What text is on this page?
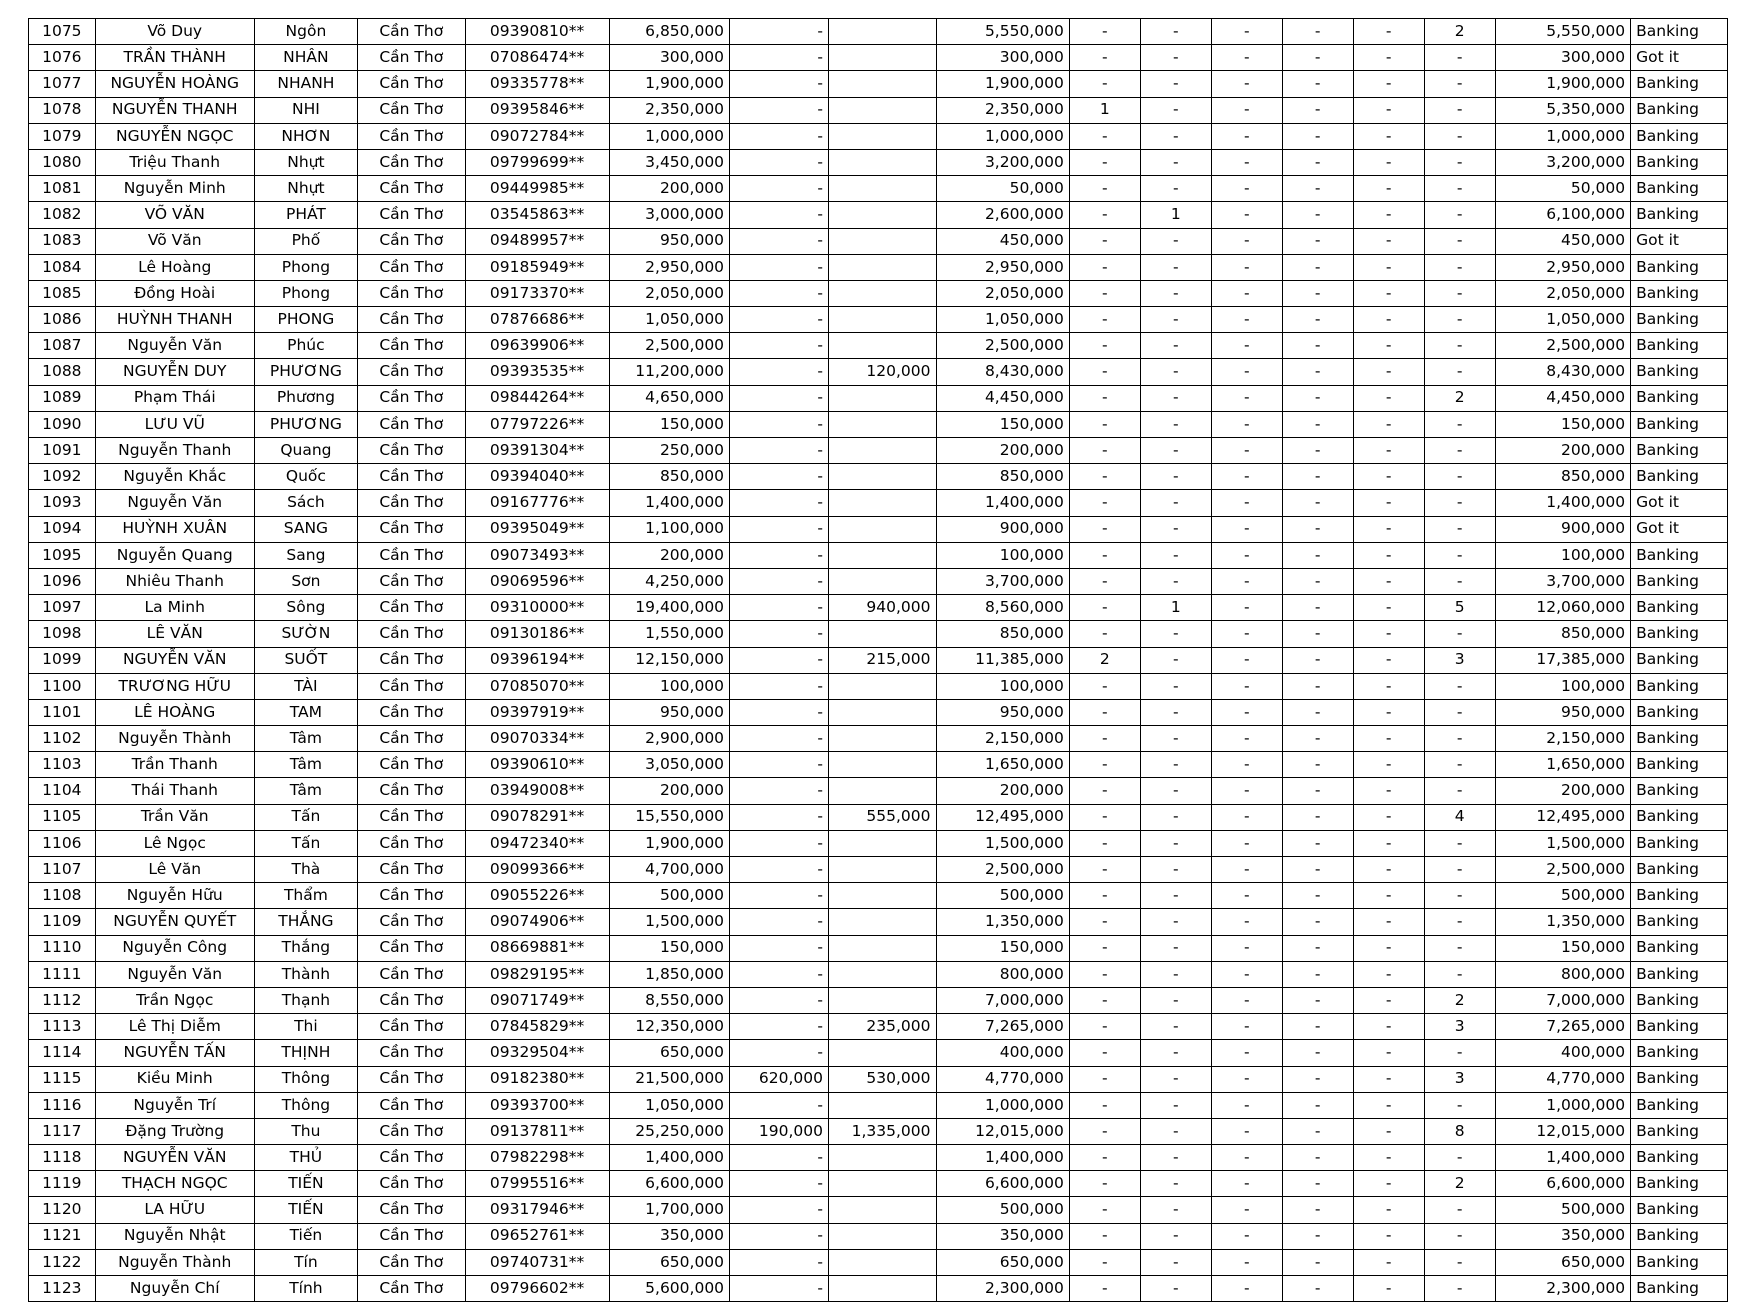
1075	Võ Duy	Ngôn	Cần Thơ	09390810**	6,850,000	-		5,550,000	-	-	-	-	-	2	5,550,000	Banking
1076	TRẦN THÀNH	NHÂN	Cần Thơ	07086474**	300,000	-		300,000	-	-	-	-	-	-	300,000	Got it
1077	NGUYỄN HOÀNG	NHANH	Cần Thơ	09335778**	1,900,000	-		1,900,000	-	-	-	-	-	-	1,900,000	Banking
1078	NGUYỄN THANH	NHI	Cần Thơ	09395846**	2,350,000	-		2,350,000	1	-	-	-	-	-	5,350,000	Banking
1079	NGUYỄN NGỌC	NHƠN	Cần Thơ	09072784**	1,000,000	-		1,000,000	-	-	-	-	-	-	1,000,000	Banking
1080	Triệu Thanh	Nhựt	Cần Thơ	09799699**	3,450,000	-		3,200,000	-	-	-	-	-	-	3,200,000	Banking
1081	Nguyễn Minh	Nhựt	Cần Thơ	09449985**	200,000	-		50,000	-	-	-	-	-	-	50,000	Banking
1082	VÕ VĂN	PHÁT	Cần Thơ	03545863**	3,000,000	-		2,600,000	-	1	-	-	-	-	6,100,000	Banking
1083	Võ Văn	Phố	Cần Thơ	09489957**	950,000	-		450,000	-	-	-	-	-	-	450,000	Got it
1084	Lê Hoàng	Phong	Cần Thơ	09185949**	2,950,000	-		2,950,000	-	-	-	-	-	-	2,950,000	Banking
1085	Đồng Hoài	Phong	Cần Thơ	09173370**	2,050,000	-		2,050,000	-	-	-	-	-	-	2,050,000	Banking
1086	HUỲNH THANH	PHONG	Cần Thơ	07876686**	1,050,000	-		1,050,000	-	-	-	-	-	-	1,050,000	Banking
1087	Nguyễn Văn	Phúc	Cần Thơ	09639906**	2,500,000	-		2,500,000	-	-	-	-	-	-	2,500,000	Banking
1088	NGUYỄN DUY	PHƯƠNG	Cần Thơ	09393535**	11,200,000	-	120,000	8,430,000	-	-	-	-	-	-	8,430,000	Banking
1089	Phạm Thái	Phương	Cần Thơ	09844264**	4,650,000	-		4,450,000	-	-	-	-	-	2	4,450,000	Banking
1090	LƯU VŨ	PHƯƠNG	Cần Thơ	07797226**	150,000	-		150,000	-	-	-	-	-	-	150,000	Banking
1091	Nguyễn Thanh	Quang	Cần Thơ	09391304**	250,000	-		200,000	-	-	-	-	-	-	200,000	Banking
1092	Nguyễn Khắc	Quốc	Cần Thơ	09394040**	850,000	-		850,000	-	-	-	-	-	-	850,000	Banking
1093	Nguyễn Văn	Sách	Cần Thơ	09167776**	1,400,000	-		1,400,000	-	-	-	-	-	-	1,400,000	Got it
1094	HUỲNH XUÂN	SANG	Cần Thơ	09395049**	1,100,000	-		900,000	-	-	-	-	-	-	900,000	Got it
1095	Nguyễn Quang	Sang	Cần Thơ	09073493**	200,000	-		100,000	-	-	-	-	-	-	100,000	Banking
1096	Nhiêu Thanh	Sơn	Cần Thơ	09069596**	4,250,000	-		3,700,000	-	-	-	-	-	-	3,700,000	Banking
1097	La Minh	Sông	Cần Thơ	09310000**	19,400,000	-	940,000	8,560,000	-	1	-	-	-	5	12,060,000	Banking
1098	LÊ VĂN	SƯỜN	Cần Thơ	09130186**	1,550,000	-		850,000	-	-	-	-	-	-	850,000	Banking
1099	NGUYỄN VĂN	SUỐT	Cần Thơ	09396194**	12,150,000	-	215,000	11,385,000	2	-	-	-	-	3	17,385,000	Banking
1100	TRƯƠNG HỮU	TÀI	Cần Thơ	07085070**	100,000	-		100,000	-	-	-	-	-	-	100,000	Banking
1101	LÊ HOÀNG	TAM	Cần Thơ	09397919**	950,000	-		950,000	-	-	-	-	-	-	950,000	Banking
1102	Nguyễn Thành	Tâm	Cần Thơ	09070334**	2,900,000	-		2,150,000	-	-	-	-	-	-	2,150,000	Banking
1103	Trần Thanh	Tâm	Cần Thơ	09390610**	3,050,000	-		1,650,000	-	-	-	-	-	-	1,650,000	Banking
1104	Thái Thanh	Tâm	Cần Thơ	03949008**	200,000	-		200,000	-	-	-	-	-	-	200,000	Banking
1105	Trần Văn	Tấn	Cần Thơ	09078291**	15,550,000	-	555,000	12,495,000	-	-	-	-	-	4	12,495,000	Banking
1106	Lê Ngọc	Tấn	Cần Thơ	09472340**	1,900,000	-		1,500,000	-	-	-	-	-	-	1,500,000	Banking
1107	Lê Văn	Thà	Cần Thơ	09099366**	4,700,000	-		2,500,000	-	-	-	-	-	-	2,500,000	Banking
1108	Nguyễn Hữu	Thẩm	Cần Thơ	09055226**	500,000	-		500,000	-	-	-	-	-	-	500,000	Banking
1109	NGUYỄN QUYẾT	THẮNG	Cần Thơ	09074906**	1,500,000	-		1,350,000	-	-	-	-	-	-	1,350,000	Banking
1110	Nguyễn Công	Thắng	Cần Thơ	08669881**	150,000	-		150,000	-	-	-	-	-	-	150,000	Banking
1111	Nguyễn Văn	Thành	Cần Thơ	09829195**	1,850,000	-		800,000	-	-	-	-	-	-	800,000	Banking
1112	Trần Ngọc	Thạnh	Cần Thơ	09071749**	8,550,000	-		7,000,000	-	-	-	-	-	2	7,000,000	Banking
1113	Lê Thị Diễm	Thi	Cần Thơ	07845829**	12,350,000	-	235,000	7,265,000	-	-	-	-	-	3	7,265,000	Banking
1114	NGUYỄN TẤN	THỊNH	Cần Thơ	09329504**	650,000	-		400,000	-	-	-	-	-	-	400,000	Banking
1115	Kiều Minh	Thông	Cần Thơ	09182380**	21,500,000	620,000	530,000	4,770,000	-	-	-	-	-	3	4,770,000	Banking
1116	Nguyễn Trí	Thông	Cần Thơ	09393700**	1,050,000	-		1,000,000	-	-	-	-	-	-	1,000,000	Banking
1117	Đặng Trường	Thu	Cần Thơ	09137811**	25,250,000	190,000	1,335,000	12,015,000	-	-	-	-	-	8	12,015,000	Banking
1118	NGUYỄN VĂN	THỦ	Cần Thơ	07982298**	1,400,000	-		1,400,000	-	-	-	-	-	-	1,400,000	Banking
1119	THẠCH NGỌC	TIẾN	Cần Thơ	07995516**	6,600,000	-		6,600,000	-	-	-	-	-	2	6,600,000	Banking
1120	LA HỮU	TIẾN	Cần Thơ	09317946**	1,700,000	-		500,000	-	-	-	-	-	-	500,000	Banking
1121	Nguyễn Nhật	Tiến	Cần Thơ	09652761**	350,000	-		350,000	-	-	-	-	-	-	350,000	Banking
1122	Nguyễn Thành	Tín	Cần Thơ	09740731**	650,000	-		650,000	-	-	-	-	-	-	650,000	Banking
1123	Nguyễn Chí	Tính	Cần Thơ	09796602**	5,600,000	-		2,300,000	-	-	-	-	-	-	2,300,000	Banking
